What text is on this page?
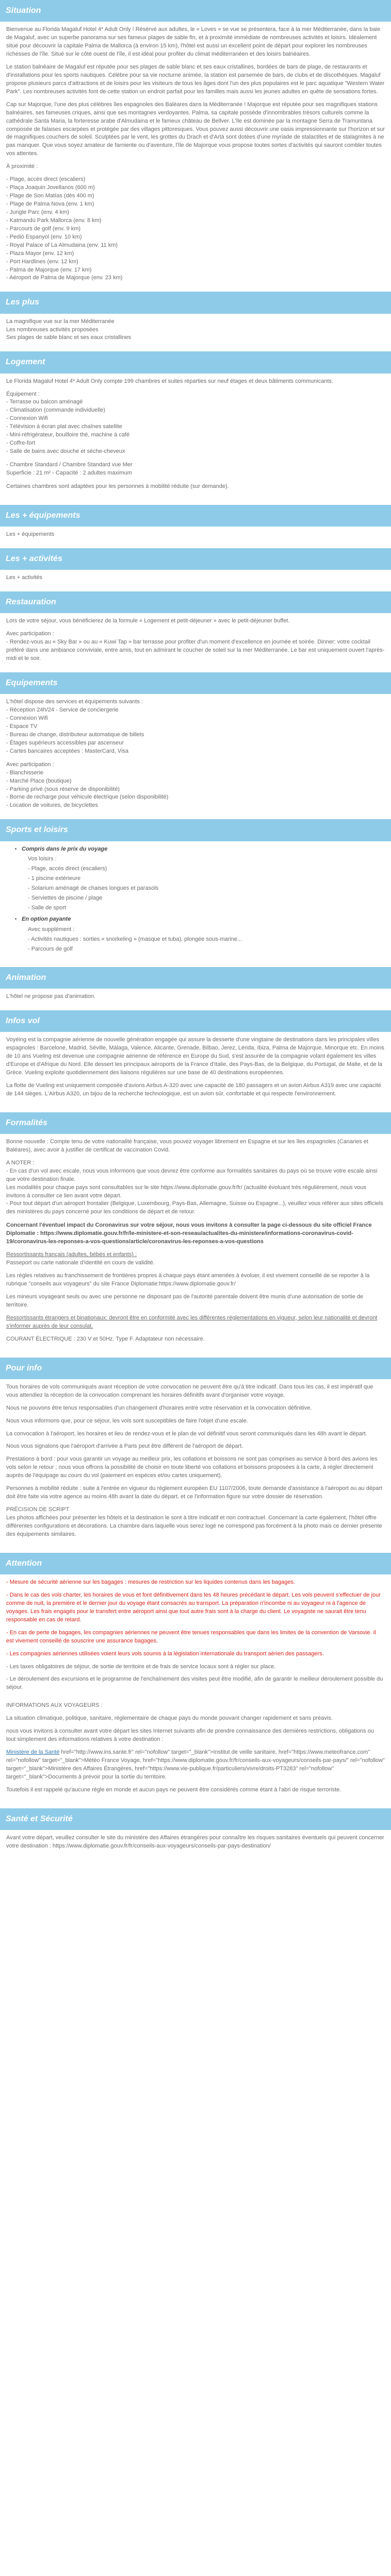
Situation

Bienvenue au Florida Magaluf Hotel 4* Adult Only ! Résérvé aux adultes, le « Loves » se vue se présentera, face à la mer Méditerranée, dans la baie de Magaluf, avec un superbe panorama sur ses fameux plages de sable fin, et à proximité immédiate de nombreuses activités et loisirs. Idéalement situé pour découvrir la capitale Palma de Mallorca (à environ 15 km), l'hôtel est aussi un excellent point de départ pour explorer les nombreuses richesses de l'île. Situé sur le côté ouest de l'île, il est idéal pour profiter du climat méditerranéen et des loisirs balnéaires.

Le station balnéaire de Magaluf est réputée pour ses plages de sable blanc et ses eaux cristallines, bordées de bars de plage, de restaurants et d'installations pour les sports nautiques. Célèbre pour sa vie nocturne animée, la station est parsemée de bars, de clubs et de discothèques. Magaluf propose plusieurs parcs d'attractions et de loisirs pour les visiteurs de tous les âges dont l'un des plus populaires est le parc aquatique "Western Water Park". Les nombreuses activités font de cette station un endroit parfait pour les familles mais aussi les jeunes adultes en quête de sensations fortes.

Cap sur Majorque, l'une des plus célèbres îles espagnoles des Baléares dans la Méditerranée ! Majorque est réputée pour ses magnifiques stations balnéaires, ses fameuses criques, ainsi que ses montagnes verdoyantes. Palma, sa capitale possède d'innombrables trésors culturels comme la cathédrale Santa Maria, la forteresse arabe d'Almudaina et le fameux château de Bellver. L'île est dominée par la montagne Serra de Tramuntana composée de falaises escarpées et protégée par des villages pittoresques. Vous pouvez aussi découvrir une oasis impressionnante sur l'horizon et sur de magnifiques couchers de soleil. Sculptées par le vent, les grottes du Drach et d'Artà sont dotées d'une myriade de stalactites et de stalagmites à ne pas manquer. Que vous soyez amateur de farniente ou d'aventure, l'île de Majorque vous propose toutes sortes d'activités qui sauront combler toutes vos attentes.

À proximité :

- Plage, accès direct (escaliers)
- Plaça Joaquin Jovellanos (600 m)
- Plage de Son Matías (dès 400 m)
- Plage de Palma Nova (env. 1 km)
- Jungle Parc (env. 4 km)
- Katmandú Park Mallorca (env. 8 km)
- Parcours de golf (env. 9 km)
- Pedió Espanyol (env. 10 km)
- Royal Palace of La Almudaina (env. 11 km)
- Plaza Mayor (env. 12 km)
- Port Hardlines (env. 12 km)
- Palma de Majorque (env. 17 km)
- Aéroport de Palma de Majorque (env. 23 km)
Les plus
La magnifique vue sur la mer Méditerranée
Les nombreuses activités proposées
Ses plages de sable blanc et ses eaux cristallines
Logement

Le Florida Magaluf Hotel 4* Adult Only compte 199 chambres et suites réparties sur neuf étages et deux bâtiments communicants.

Équipement :
- Terrasse ou balcon aménagé
- Climatisation (commande individuelle)
- Connexion Wifi
- Télévision à écran plat avec chaînes satellite
- Mini-réfrigérateur, bouilloire thé, machine à café
- Coffre-fort
- Salle de bains avec douche et sèche-cheveux
- Chambre Standard / Chambre Standard vue Mer
Superficie : 21 m² - Capacité : 2 adultes maximum

Certaines chambres sont adaptées pour les personnes à mobilité réduite (sur demande).

Les + équipements
Les + équipements
Les + activités
Les + activités
Restauration

Lors de votre séjour, vous bénéficierez de la formule « Logement et petit-déjeuner » avec le petit-déjeuner buffet.

Avec participation :
- Rendez-vous au « Sky Bar » ou au « Kuwi Tap » bar terrasse pour profiter d'un moment d'excellence en journée et soirée. Dinner: votre cocktail préféré dans une ambiance conviviale, entre amis, tout en admirant le coucher de soleil sur la mer Méditerranée. Le bar est uniquement ouvert l'après-midi et le soir.
Equipements
L'hôtel dispose des services et équipements suivants :
- Réception 24h/24 - Service de conciergerie
- Connexion Wifi
- Espace TV
- Bureau de change, distributeur automatique de billets
- Étages supérieurs accessibles par ascenseur
- Cartes bancaires acceptées : MasterCard, Visa
Avec participation :
- Blanchisserie
- Marché Place (boutique)
- Parking privé (sous réserve de disponibilité)
- Borne de recharge pour véhicule électrique (selon disponibilité)
- Location de voitures, de bicyclettes
Sports et loisirs
• Compris dans le prix du voyage
Vos loisirs :
- Plage, accès direct (escaliers)
- 1 piscine extérieure
- Solarium aménagé de chaises longues et parasols
- Serviettes de piscine / plage
- Salle de sport
• En option payante
Avec supplément :
- Activités nautiques : sorties « snorkeling » (masque et tuba), plongée sous-marine...
- Parcours de golf
Animation
L'hôtel ne propose pas d'animation.
Infos vol

Voyéing est la compagnie aérienne de nouvelle génération engagée qui assure la desserte d'une vingtaine de destinations dans les principales villes espagnoles : Barcelone, Madrid, Séville, Málaga, Valence, Alicante, Grenade, Bilbao, Jerez, Lérida, Ibiza, Palma de Majorque, Minorque etc. En moins de 10 ans Vueling est devenue une compagnie aérienne de référence en Europe du Sud, s'est assurée de la compagnie volant également les villes d'Europe et d'Afrique du Nord. Elle dessert les principaux aéroports de la France d'Italie, des Pays-Bas, de la Belgique, du Portugal, de Malte, et de la Grèce. Vueling exploite quotidiennement des liaisons régulières sur une base de 40 destinations européennes.

La flotte de Vueling est uniquement composée d'avions Airbus A-320 avec une capacité de 180 passagers et un avion Airbus A319 avec une capacité de 144 sièges. L'Airbus A320, un bijou de la recherche technologique, est un avion sûr, confortable et qui respecte l'environnement.

Formalités

Bonne nouvelle : Compte tenu de votre nationalité française, vous pouvez voyager librement en Espagne et sur les îles espagnoles (Canaries et Baléares), avec avoir à justifier de certificat de vaccination Covid.

A NOTER :
- En cas d'un vol avec escale, nous vous informons que vous devrez être conforme aux formalités sanitaires du pays où se trouve votre escale ainsi que votre destination finale.
Les modalités pour chaque pays sont consultables sur le site https://www.diplomatie.gouv.fr/fr/ (actualité évoluant très régulièrement, nous vous invitons à consulter ce lien avant votre départ.
- Pour tout départ d'un aéroport frontalier (Belgique, Luxembourg, Pays-Bas, Allemagne, Suisse ou Espagne...), veuillez vous référer aux sites officiels des ministères du pays concerné pour les conditions de départ et de retour.

Concernant l'éventuel impact du Coronavirus sur votre séjour, nous vous invitons à consulter la page ci-dessous du site officiel France Diplomatie : https://www.diplomatie.gouv.fr/fr/le-ministere-et-son-reseau/actualites-du-ministere/informations-coronavirus-covid-19/coronavirus-les-reponses-a-vos-questions/article/coronavirus-les-reponses-a-vos-questions

Ressortissants français (adultes, bébés et enfants) :

Passeport ou carte nationale d'identité en cours de validité.

Les règles relatives au franchissement de frontières propres à chaque pays étant amenées à évoluer, il est vivement conseillé de se reporter à la rubrique "conseils aux voyageurs" du site France Diplomatie:https://www.diplomatie.gouv.fr/

Les mineurs voyageant seuls ou avec une personne ne disposant pas de l'autorité parentale doivent être munis d'une autorisation de sortie de territoire.

Ressortissants étrangers et binationaux: devront être en conformité avec les différentes réglementations en vigueur, selon leur nationalité et devront s'informer auprès de leur consulat.

COURANT ÉLECTRIQUE : 230 V et 50Hz. Type F. Adaptateur non nécessaire.

Pour info

Tous horaires de vols communiqués avant réception de votre convocation ne peuvent être qu'à titre indicatif. Dans tous les cas, il est impératif que vous attendiez la réception de la convocation comprenant les horaires définitifs avant d'organiser votre voyage.

Nous ne pouvons être tenus responsables d'un changement d'horaires entre votre réservation et la convocation définitive.

Nous vous informons que, pour ce séjour, les vols sont susceptibles de faire l'objet d'une escale.

La convocation à l'aéroport, les horaires et lieu de rendez-vous et le plan de vol définitif vous seront communiqués dans les 48h avant le départ.

Nous vous signalons que l'aéroport d'arrivée à Paris peut être différent de l'aéroport de départ.

Prestations à bord : pour vous garantir un voyage au meilleur prix, les collations et boissons ne sont pas comprises au service à bord des avions les vols selon le retour ; nous vous offrons la possibilité de choisir en toute liberté vos collations et boissons proposées à la carte, à régler directement auprès de l'équipage au cours du vol (paiement en espèces et/ou cartes uniquement).

Personnes à mobilité réduite : suite à l'entrée en vigueur du règlement européen EU 1107/2006, toute demande d'assistance à l'aéroport ou au départ doit être faite via votre agence au moins 48h avant la date du départ, et ce l'information figure sur votre dossier de réservation.

PRÉCISION DE SCRIPT

Les photos affichées pour présenter les hôtels et la destination le sont à titre indicatif et non contractuel. Concernant la carte également, l'hôtel offre différentes configurations et décorations. La chambre dans laquelle vous serez logé ne correspond pas forcément à la photo mais ce dernier présente des équipements similaires.

Attention

- Mesure de sécurité aérienne sur les bagages : mesures de restriction sur les liquides contenus dans les bagages.

- Dans le cas des vols charter, les horaires de vous et font définitivement dans les 48 heures précédant le départ. Les vols peuvent s'effectuer de jour comme de nuit, la première et le dernier jour du voyage étant consacrés au transport. La préparation n'incombe ni au voyageur ni à l'agence de voyages. Les frais engagés pour le transfert entre aéroport ainsi que tout autre frais sont à la charge du client. Le voyagiste ne saurait être tenu responsable en cas de retard.

- En cas de perte de bagages, les compagnies aériennes ne peuvent être tenues responsables que dans les limites de la convention de Varsovie. Il est vivement conseillé de souscrire une assurance bagages.

- Les compagnies aériennes utilisées voient leurs vols soumis à la législation internationale du transport aérien des passagers.

- Les taxes obligatoires de séjour, de sortie de territoire et de frais de service locaux sont à régler sur place.

- Le déroulement des excursions et le programme de l'enchaînement des visites peut être modifié, afin de garantir le meilleur déroulement possible du séjour.

INFORMATIONS AUX VOYAGEURS :

La situation climatique, politique, sanitaire, réglementaire de chaque pays du monde pouvant changer rapidement et sans préavis.

nous vous invitons à consulter avant votre départ les sites Internet suivants afin de prendre connaissance des dernières restrictions, obligations ou tout simplement des informations relatives à votre destination :

Ministère de la Santé href="http://www.ins.sante.fr" rel="nofollow" target="_blank">Institut de veille sanitaire, href="https://www.meteofrance.com" rel="nofollow" target="_blank">Météo France Voyage, href="https://www.diplomatie.gouv.fr/fr/conseils-aux-voyageurs/conseils-par-pays/" rel="nofollow" target="_blank">Ministère des Affaires Étrangères, href="https://www.vie-publique.fr/particuliers/vivre/droits-PT3283" rel="nofollow" target="_blank">Documents à prévoir pour la sortie du territoire.

Toutefois il est rappelé qu'aucune règle en monde et aucun pays ne peuvent être considérés comme étant à l'abri de risque terroriste.

Santé et Sécurité

Avant votre départ, veuillez consulter le site du ministère des Affaires étrangères pour connaître les risques sanitaires éventuels qui peuvent concerner votre destination : https://www.diplomatie.gouv.fr/fr/conseils-aux-voyageurs/conseils-par-pays-destination/
